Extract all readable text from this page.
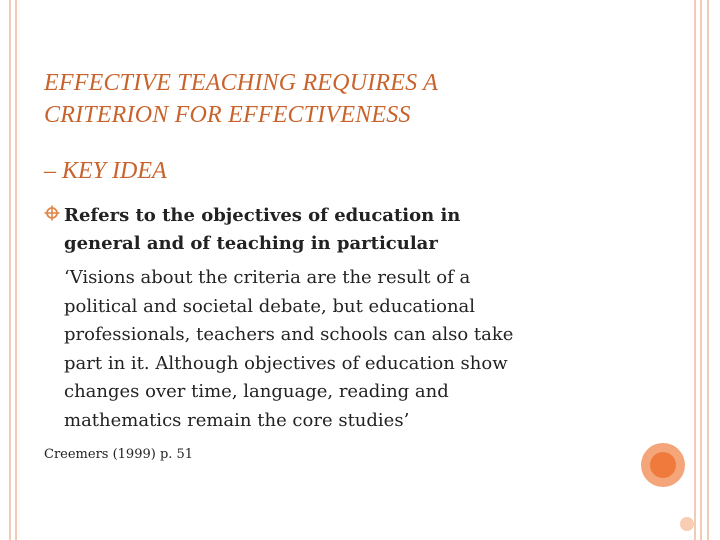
EFFECTIVE TEACHING REQUIRES A
CRITERION FOR EFFECTIVENESS
– KEY IDEA
Refers to the objectives of education in
general and of teaching in particular
‘Visions about the criteria are the result of a
political and societal debate, but educational
professionals, teachers and schools can also take
part in it. Although objectives of education show
changes over time, language, reading and
mathematics remain the core studies’
Creemers (1999) p. 51
